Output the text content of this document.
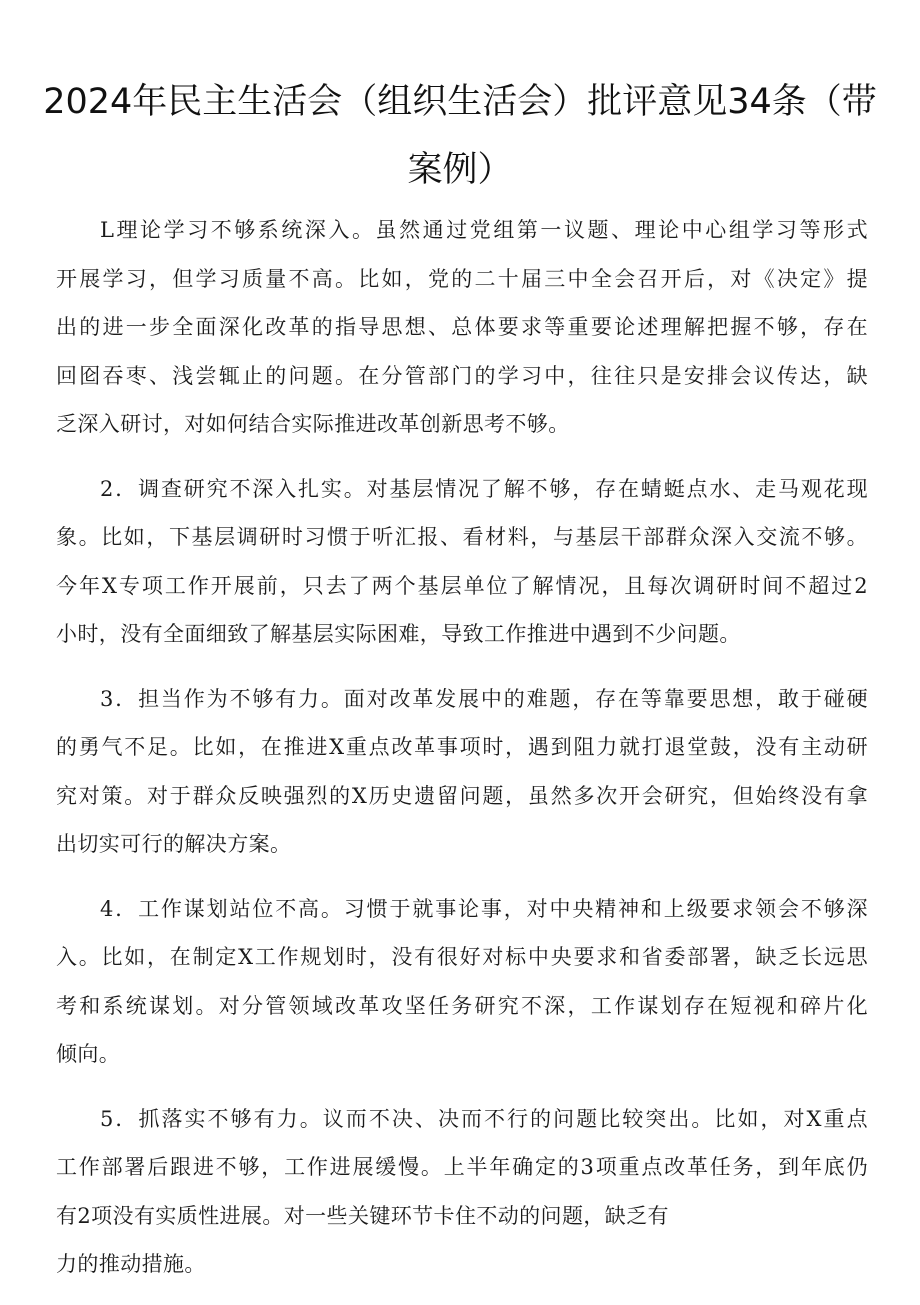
2024年民主生活会（组织生活会）批评意见34条（带
案例）
L理论学习不够系统深入。虽然通过党组第一议题、理论中心组学习等形式
开展学习，但学习质量不高。比如，党的二十届三中全会召开后，对《决定》提
出的进一步全面深化改革的指导思想、总体要求等重要论述理解把握不够，存在
回囵吞枣、浅尝辄止的问题。在分管部门的学习中，往往只是安排会议传达，缺
乏深入研讨，对如何结合实际推进改革创新思考不够。
2．调查研究不深入扎实。对基层情况了解不够，存在蜻蜓点水、走马观花现
象。比如，下基层调研时习惯于听汇报、看材料，与基层干部群众深入交流不够。
今年X专项工作开展前，只去了两个基层单位了解情况，且每次调研时间不超过2
小时，没有全面细致了解基层实际困难，导致工作推进中遇到不少问题。
3．担当作为不够有力。面对改革发展中的难题，存在等靠要思想，敢于碰硬
的勇气不足。比如，在推进X重点改革事项时，遇到阻力就打退堂鼓，没有主动研
究对策。对于群众反映强烈的X历史遗留问题，虽然多次开会研究，但始终没有拿
出切实可行的解决方案。
4．工作谋划站位不高。习惯于就事论事，对中央精神和上级要求领会不够深
入。比如，在制定X工作规划时，没有很好对标中央要求和省委部署，缺乏长远思
考和系统谋划。对分管领域改革攻坚任务研究不深，工作谋划存在短视和碎片化
倾向。
5．抓落实不够有力。议而不决、决而不行的问题比较突出。比如，对X重点
工作部署后跟进不够，工作进展缓慢。上半年确定的3项重点改革任务，到年底仍
有2项没有实质性进展。对一些关键环节卡住不动的问题，缺乏有
力的推动措施。
